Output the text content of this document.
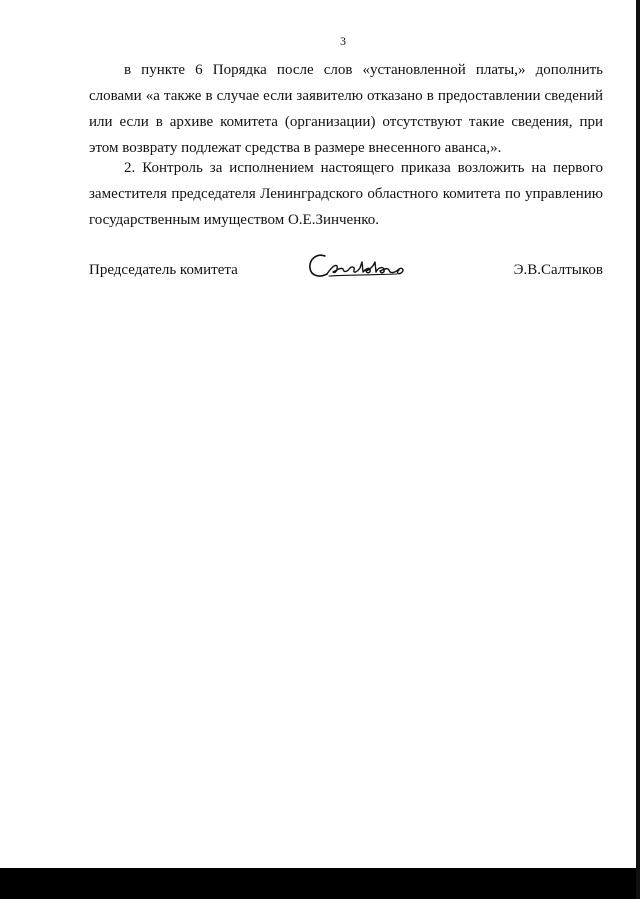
3

в пункте 6 Порядка после слов «установленной платы,» дополнить словами «а также в случае если заявителю отказано в предоставлении сведений или если в архиве комитета (организации) отсутствуют такие сведения, при этом возврату подлежат средства в размере внесенного аванса,».

2. Контроль за исполнением настоящего приказа возложить на первого заместителя председателя Ленинградского областного комитета по управлению государственным имуществом О.Е.Зинченко.

Председатель комитета	Э.В.Салтыков
